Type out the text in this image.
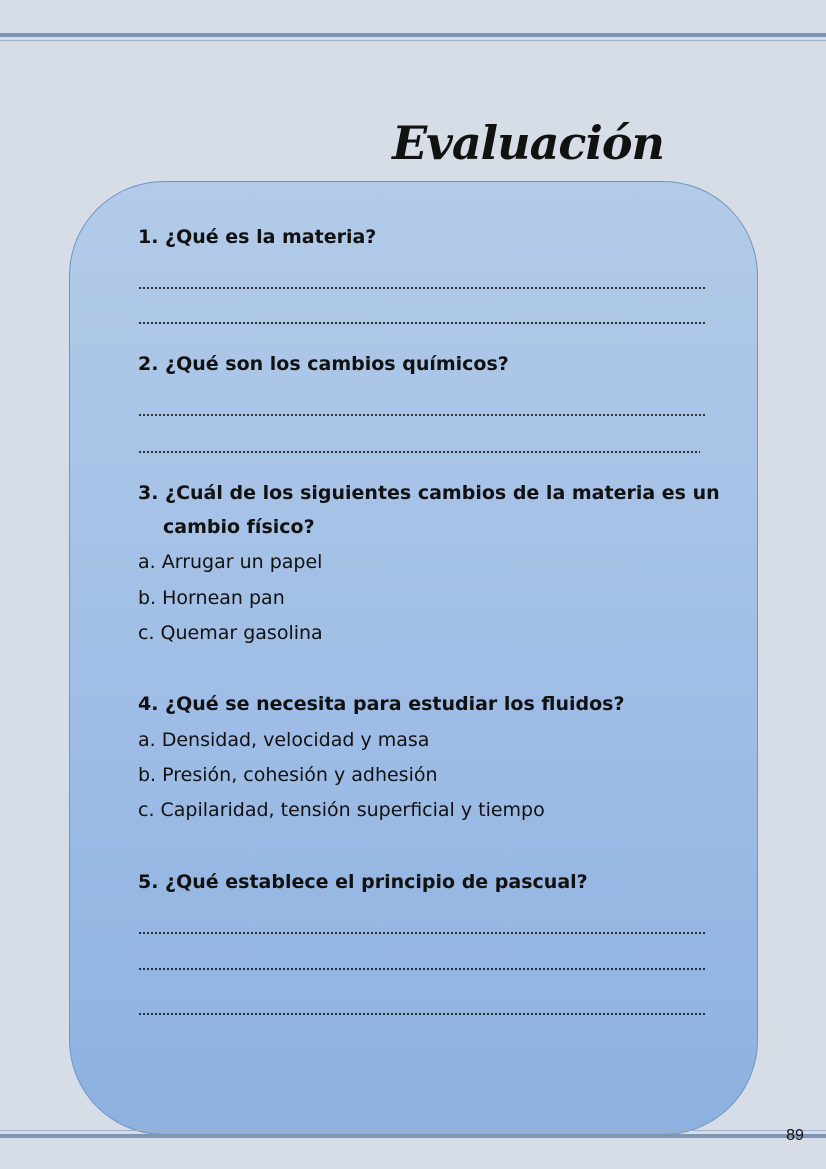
Evaluación
1. ¿Qué es la materia?
2. ¿Qué son los cambios químicos?
3. ¿Cuál de los siguientes cambios de la materia es un
cambio físico?
a. Arrugar un papel
b. Hornean pan
c. Quemar gasolina
4. ¿Qué se necesita para estudiar los fluidos?
a. Densidad, velocidad y masa
b. Presión, cohesión y adhesión
c. Capilaridad, tensión superficial y tiempo
5. ¿Qué establece el principio de pascual?
89
